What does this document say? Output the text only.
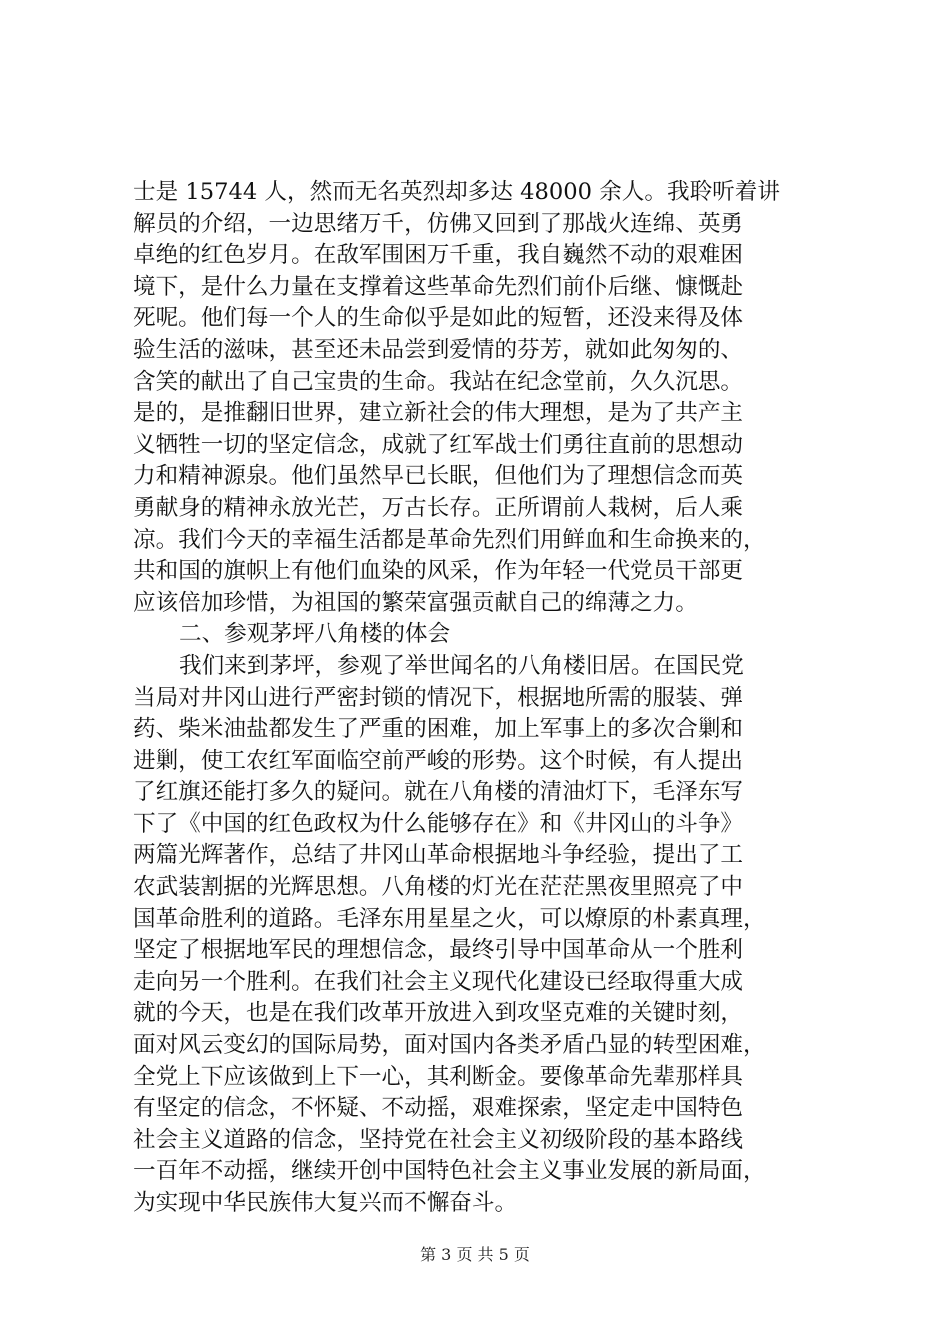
士是 15744 人，然而无名英烈却多达 48000 余人。我聆听着讲
解员的介绍，一边思绪万千，仿佛又回到了那战火连绵、英勇
卓绝的红色岁月。在敌军围困万千重，我自巍然不动的艰难困
境下，是什么力量在支撑着这些革命先烈们前仆后继、慷慨赴
死呢。他们每一个人的生命似乎是如此的短暂，还没来得及体
验生活的滋味，甚至还未品尝到爱情的芬芳，就如此匆匆的、
含笑的献出了自己宝贵的生命。我站在纪念堂前，久久沉思。
是的，是推翻旧世界，建立新社会的伟大理想，是为了共产主
义牺牲一切的坚定信念，成就了红军战士们勇往直前的思想动
力和精神源泉。他们虽然早已长眠，但他们为了理想信念而英
勇献身的精神永放光芒，万古长存。正所谓前人栽树，后人乘
凉。我们今天的幸福生活都是革命先烈们用鲜血和生命换来的，
共和国的旗帜上有他们血染的风采，作为年轻一代党员干部更
应该倍加珍惜，为祖国的繁荣富强贡献自己的绵薄之力。
二、参观茅坪八角楼的体会
我们来到茅坪，参观了举世闻名的八角楼旧居。在国民党
当局对井冈山进行严密封锁的情况下，根据地所需的服装、弹
药、柴米油盐都发生了严重的困难，加上军事上的多次合剿和
进剿，使工农红军面临空前严峻的形势。这个时候，有人提出
了红旗还能打多久的疑问。就在八角楼的清油灯下，毛泽东写
下了《中国的红色政权为什么能够存在》和《井冈山的斗争》
两篇光辉著作，总结了井冈山革命根据地斗争经验，提出了工
农武装割据的光辉思想。八角楼的灯光在茫茫黑夜里照亮了中
国革命胜利的道路。毛泽东用星星之火，可以燎原的朴素真理，
坚定了根据地军民的理想信念，最终引导中国革命从一个胜利
走向另一个胜利。在我们社会主义现代化建设已经取得重大成
就的今天，也是在我们改革开放进入到攻坚克难的关键时刻，
面对风云变幻的国际局势，面对国内各类矛盾凸显的转型困难，
全党上下应该做到上下一心，其利断金。要像革命先辈那样具
有坚定的信念，不怀疑、不动摇，艰难探索，坚定走中国特色
社会主义道路的信念，坚持党在社会主义初级阶段的基本路线
一百年不动摇，继续开创中国特色社会主义事业发展的新局面，
为实现中华民族伟大复兴而不懈奋斗。
第 3 页 共 5 页
